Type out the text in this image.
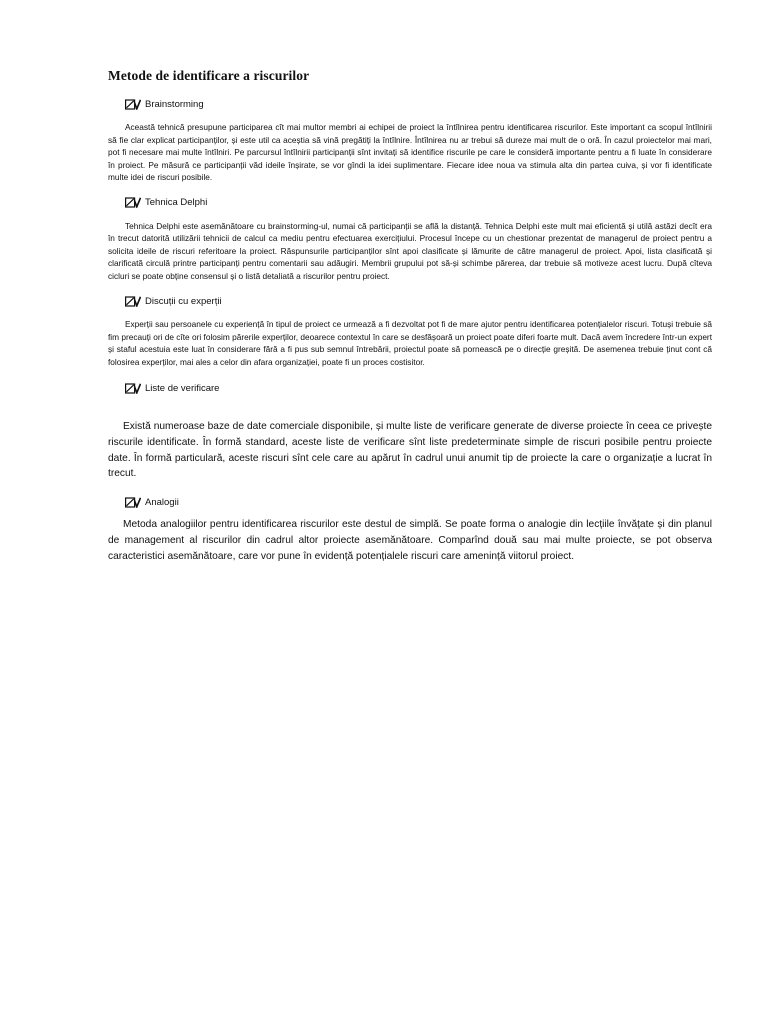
Metode de identificare a riscurilor
Brainstorming

Această tehnică presupune participarea cît mai multor membri ai echipei de proiect la întîlnirea pentru identificarea riscurilor. Este important ca scopul întîlnirii să fie clar explicat participanților, și este util ca aceștia să vină pregătiți la întîlnire. Întîlnirea nu ar trebui să dureze mai mult de o oră. În cazul proiectelor mai mari, pot fi necesare mai multe întîlniri. Pe parcursul întîlnirii participanții sînt invitați să identifice riscurile pe care le consideră importante pentru a fi luate în considerare în proiect. Pe măsură ce participanții văd ideile înșirate, se vor gîndi la idei suplimentare. Fiecare idee noua va stimula alta din partea cuiva, și vor fi identificate multe idei de riscuri posibile.

Tehnica Delphi

Tehnica Delphi este asemănătoare cu brainstorming-ul, numai că participanții se află la distanță. Tehnica Delphi este mult mai eficientă și utilă astăzi decît era în trecut datorită utilizării tehnicii de calcul ca mediu pentru efectuarea exercițiului. Procesul începe cu un chestionar prezentat de managerul de proiect pentru a solicita ideile de riscuri referitoare la proiect. Răspunsurile participanților sînt apoi clasificate și lămurite de către managerul de proiect. Apoi, lista clasificată și clarificată circulă printre participanți pentru comentarii sau adăugiri. Membrii grupului pot să-și schimbe părerea, dar trebuie să motiveze acest lucru. După cîteva cicluri se poate obține consensul și o listă detaliată a riscurilor pentru proiect.

Discuții cu experții

Experții sau persoanele cu experiență în tipul de proiect ce urmează a fi dezvoltat pot fi de mare ajutor pentru identificarea potențialelor riscuri. Totuși trebuie să fim precauți ori de cîte ori folosim părerile experților, deoarece contextul în care se desfășoară un proiect poate diferi foarte mult. Dacă avem încredere într-un expert și staful acestuia este luat în considerare fără a fi pus sub semnul întrebării, proiectul poate să pornească pe o direcție greșită. De asemenea trebuie ținut cont că folosirea experților, mai ales a celor din afara organizației, poate fi un proces costisitor.

Liste de verificare

Există numeroase baze de date comerciale disponibile, și multe liste de verificare generate de diverse proiecte în ceea ce privește riscurile identificate. În formă standard, aceste liste de verificare sînt liste predeterminate simple de riscuri posibile pentru proiecte date. În formă particulară, aceste riscuri sînt cele care au apărut în cadrul unui anumit tip de proiecte la care o organizație a lucrat în trecut.

Analogii

Metoda analogiilor pentru identificarea riscurilor este destul de simplă. Se poate forma o analogie din lecțiile învățate și din planul de management al riscurilor din cadrul altor proiecte asemănătoare. Comparînd două sau mai multe proiecte, se pot observa caracteristici asemănătoare, care vor pune în evidență potențialele riscuri care amenință viitorul proiect.
